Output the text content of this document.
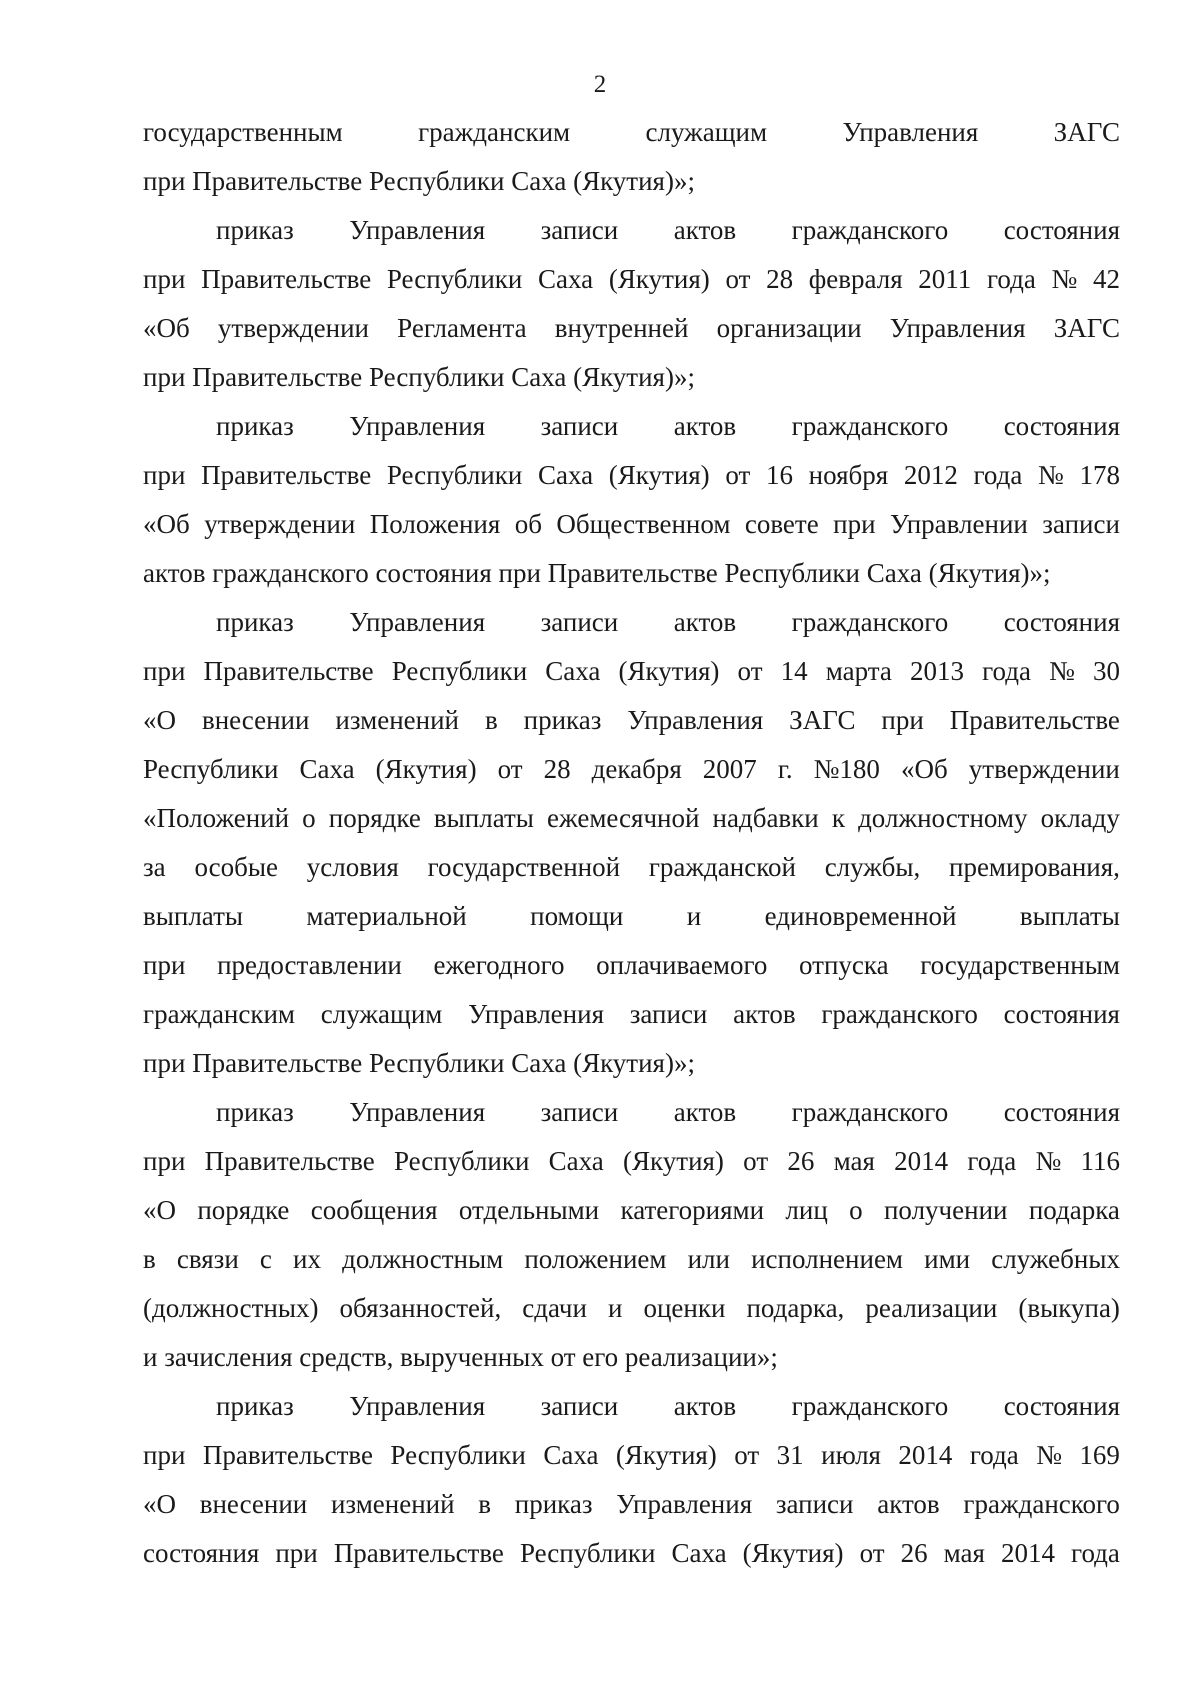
2
государственным	гражданским	служащим	Управления	ЗАГС
при Правительстве Республики Саха (Якутия)»;
приказ Управления записи актов гражданского состояния
при Правительстве Республики Саха (Якутия) от 28 февраля 2011 года № 42
«Об утверждении Регламента внутренней организации Управления ЗАГС
при Правительстве Республики Саха (Якутия)»;
приказ Управления записи актов гражданского состояния
при Правительстве Республики Саха (Якутия) от 16 ноября 2012 года № 178
«Об утверждении Положения об Общественном совете при Управлении записи
актов гражданского состояния при Правительстве Республики Саха (Якутия)»;
приказ Управления записи актов гражданского состояния
при Правительстве Республики Саха (Якутия) от 14 марта 2013 года № 30
«О внесении изменений в приказ Управления ЗАГС при Правительстве
Республики Саха (Якутия) от 28 декабря 2007 г. №180 «Об утверждении
«Положений о порядке выплаты ежемесячной надбавки к должностному окладу
за особые условия государственной гражданской службы, премирования,
выплаты материальной помощи и единовременной выплаты
при предоставлении ежегодного оплачиваемого отпуска государственным
гражданским служащим Управления записи актов гражданского состояния
при Правительстве Республики Саха (Якутия)»;
приказ Управления записи актов гражданского состояния
при Правительстве Республики Саха (Якутия) от 26 мая 2014 года № 116
«О порядке сообщения отдельными категориями лиц о получении подарка
в связи с их должностным положением или исполнением ими служебных
(должностных) обязанностей, сдачи и оценки подарка, реализации (выкупа)
и зачисления средств, вырученных от его реализации»;
приказ Управления записи актов гражданского состояния
при Правительстве Республики Саха (Якутия) от 31 июля 2014 года № 169
«О внесении изменений в приказ Управления записи актов гражданского
состояния при Правительстве Республики Саха (Якутия) от 26 мая 2014 года
